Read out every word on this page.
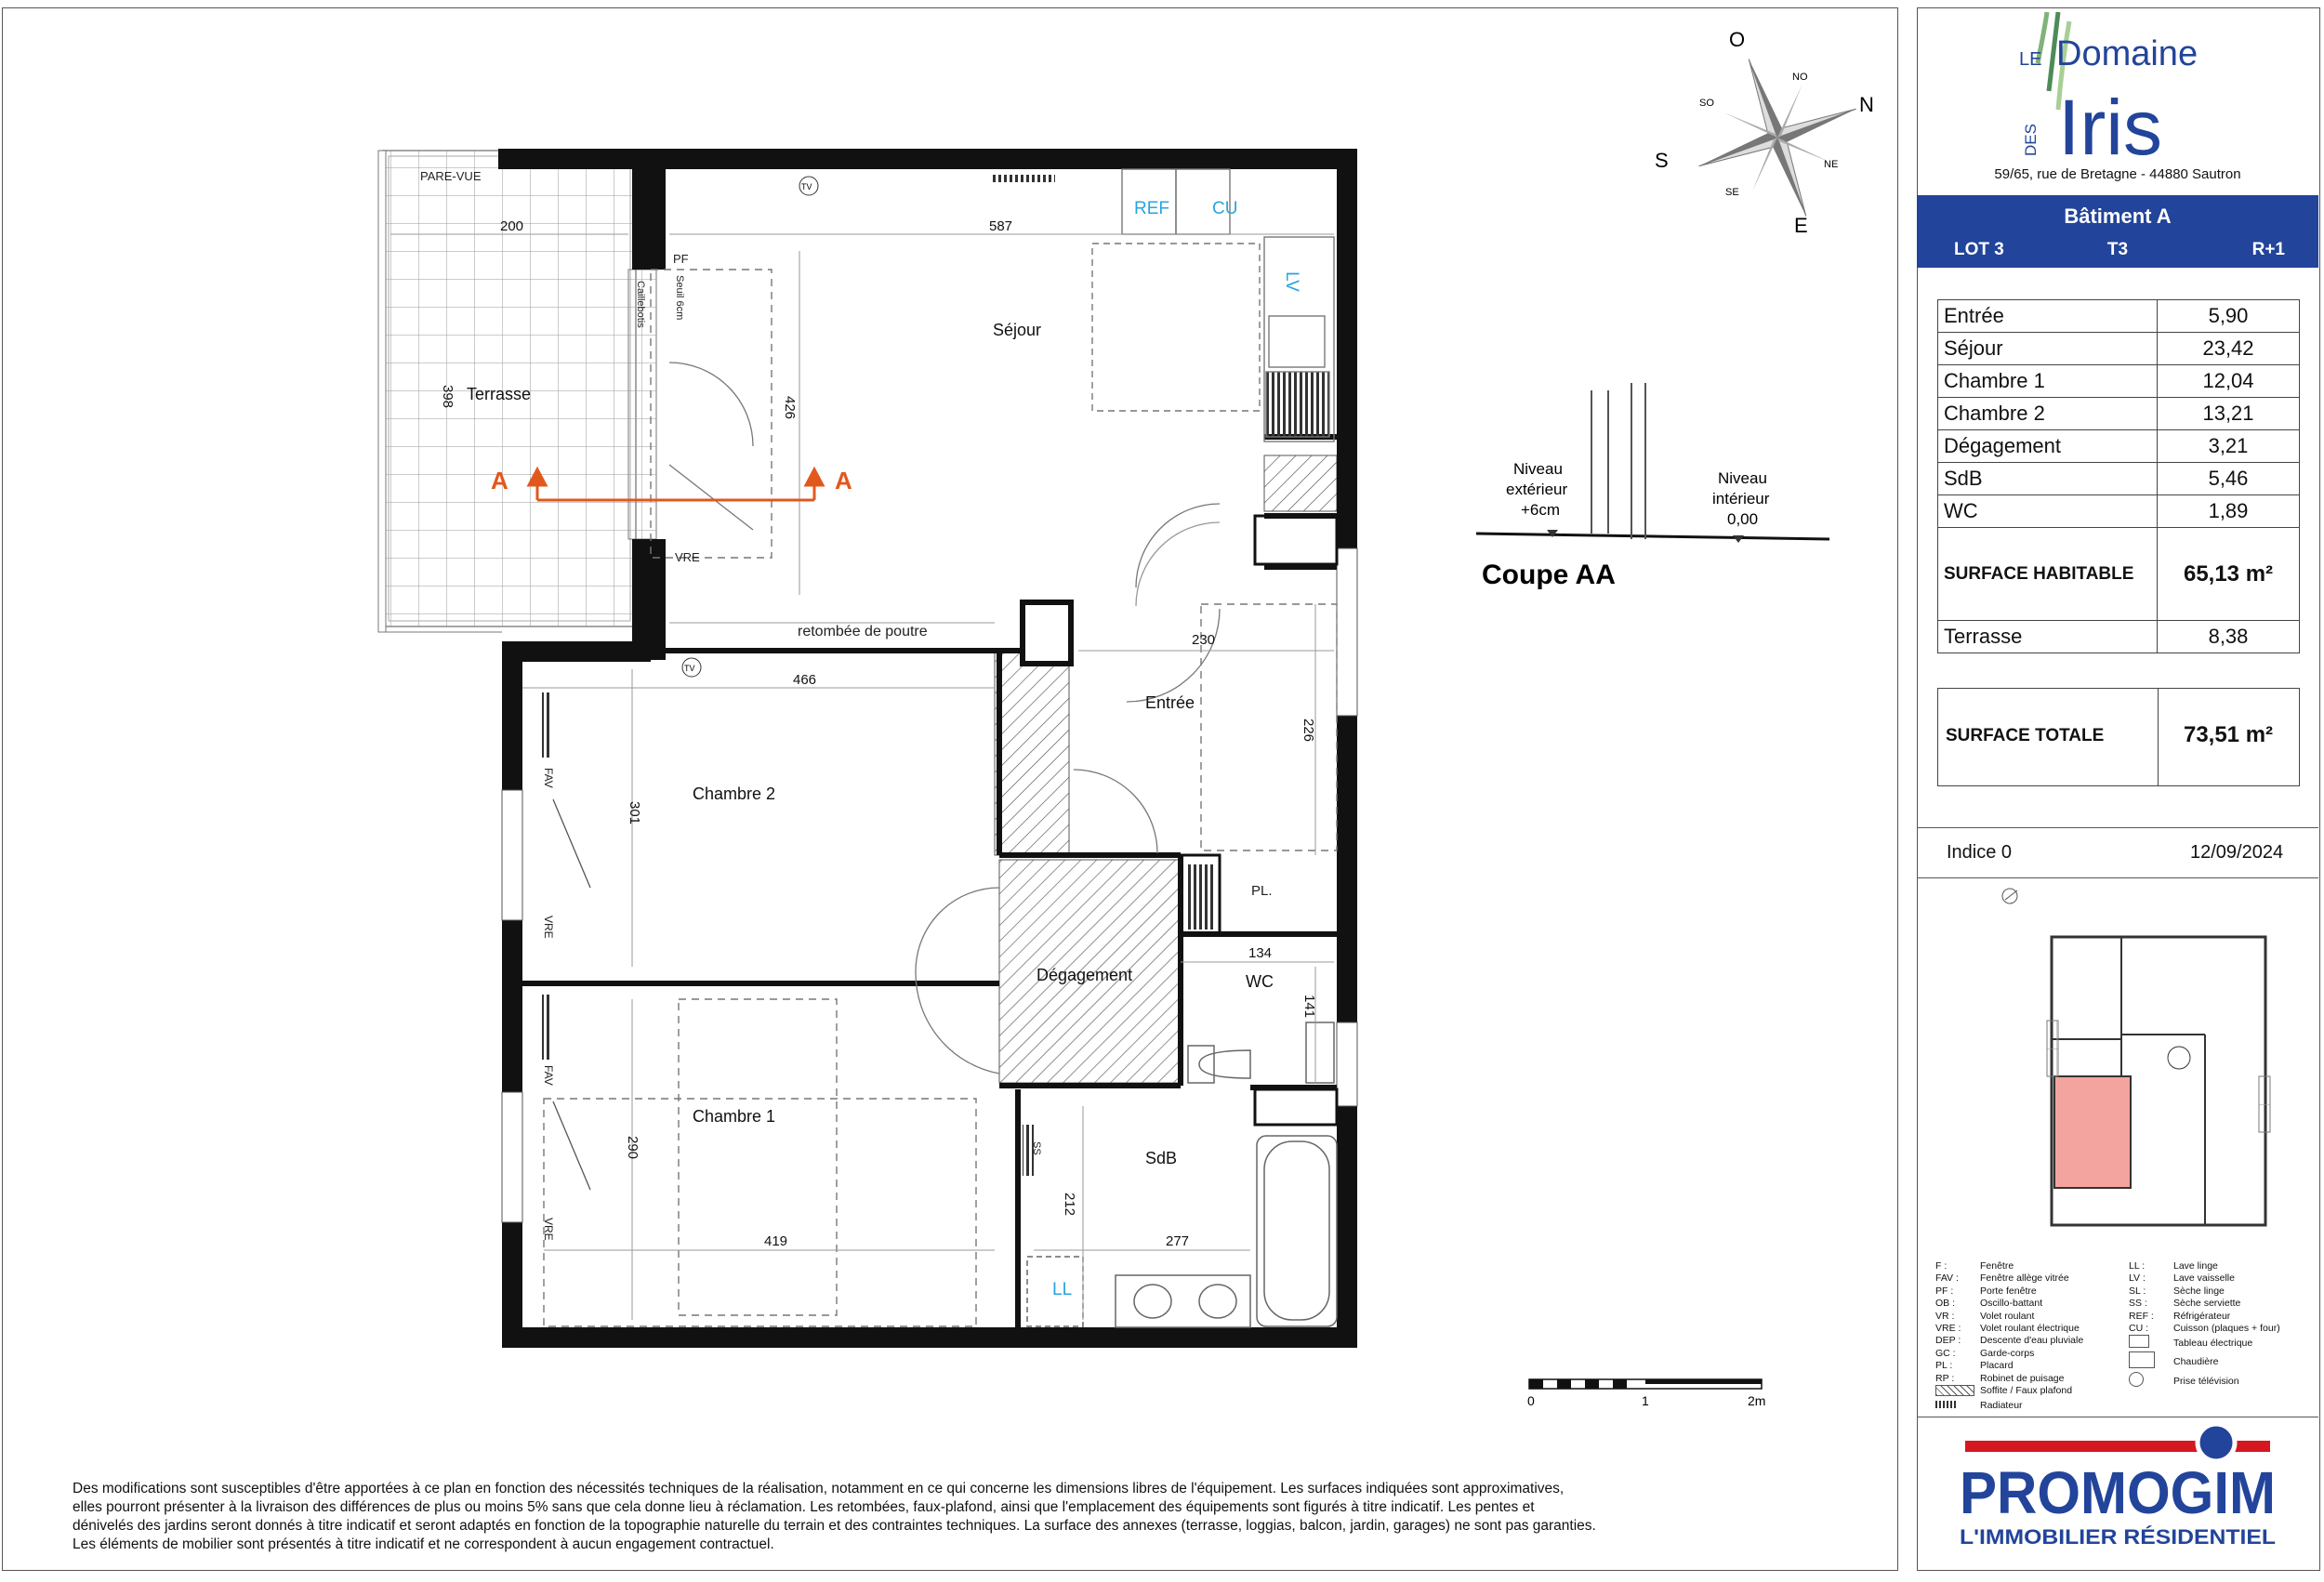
Séjour
Terrasse
Chambre 2
Chambre 1
Entrée
Dégagement
SdB
WC
200	587
466
230
134
419	277
398	426
301
290
226
141
212
PARE-VUE
PF
Seuil 6cm
Caillebotis
VRE
retombée de poutre
FAV
VRE
FAV
VRE
SS
PL.
REF CU
LV
LL
A	A
TV
TV
O
N
S
E
NO
SO
NE
SE
Niveau
extérieur
+6cm
Niveau
intérieur
0,00
Coupe AA
0	1	2m
Des modifications sont susceptibles d'être apportées à ce plan en fonction des nécessités techniques de la réalisation, notamment en ce qui concerne les dimensions libres de l'équipement. Les surfaces indiquées sont approximatives, elles pourront présenter à la livraison des différences de plus ou moins 5% sans que cela donne lieu à réclamation. Les retombées, faux-plafond, ainsi que l'emplacement des équipements sont figurés à titre indicatif. Les pentes et dénivelés des jardins seront donnés à titre indicatif et seront adaptés en fonction de la topographie naturelle du terrain et des contraintes techniques. La surface des annexes (terrasse, loggias, balcon, jardin, garages) ne sont pas garanties. Les éléments de mobilier sont présentés à titre indicatif et ne correspondent à aucun engagement contractuel.
LE Domaine
DES Iris
59/65, rue de Bretagne - 44880 Sautron
Bâtiment A
LOT 3	T3	R+1
Entrée	5,90
Séjour	23,42
Chambre 1	12,04
Chambre 2	13,21
Dégagement	3,21
SdB	5,46
WC	1,89
SURFACE HABITABLE	65,13 m²
Terrasse	8,38
SURFACE TOTALE	73,51 m²
Indice 0	12/09/2024
F :	Fenêtre
FAV :	Fenêtre allège vitrée
PF :	Porte fenêtre
OB :	Oscillo-battant
VR :	Volet roulant
VRE :	Volet roulant électrique
DEP :	Descente d'eau pluviale
GC :	Garde-corps
PL :	Placard
RP :	Robinet de puisage
Soffite / Faux plafond
Radiateur
LL :	Lave linge
LV :	Lave vaisselle
SL :	Sèche linge
SS :	Sèche serviette
REF :	Réfrigérateur
CU :	Cuisson (plaques + four)
Tableau électrique
Chaudière
Prise télévision
PROMOGIM
L'IMMOBILIER RÉSIDENTIEL
